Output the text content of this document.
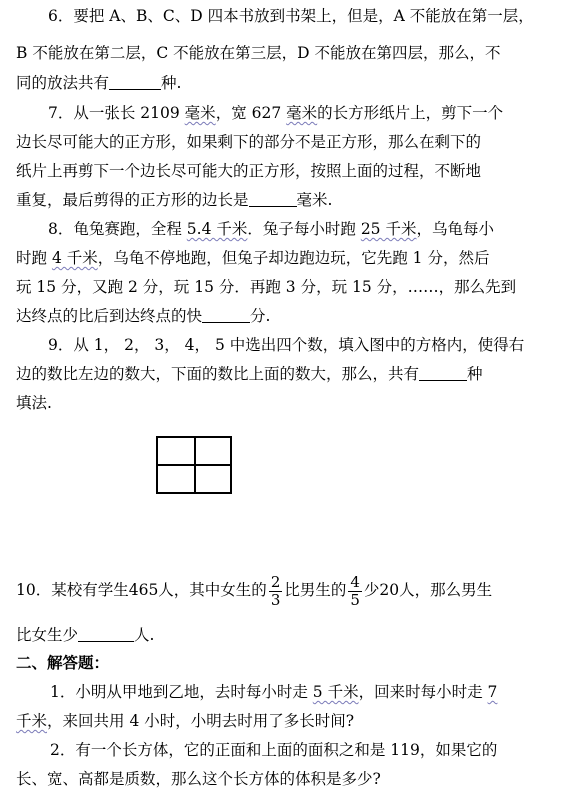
6．要把 A、B、C、D 四本书放到书架上，但是，A 不能放在第一层，
B 不能放在第二层，C 不能放在第三层，D 不能放在第四层，那么，不
同的放法共有	种.
7．从一张长 2109 毫米，宽 627 毫米的长方形纸片上，剪下一个
边长尽可能大的正方形，如果剩下的部分不是正方形，那么在剩下的
纸片上再剪下一个边长尽可能大的正方形，按照上面的过程，不断地
重复，最后剪得的正方形的边长是	毫米.
8．龟兔赛跑，全程 5.4 千米．兔子每小时跑 25 千米，乌龟每小
时跑 4 千米，乌龟不停地跑，但兔子却边跑边玩，它先跑 1 分，然后
玩 15 分，又跑 2 分，玩 15 分．再跑 3 分，玩 15 分，……，那么先到
达终点的比后到达终点的快	分.
9．从 1， 2， 3， 4， 5 中选出四个数，填入图中的方格内，使得右
边的数比左边的数大，下面的数比上面的数大，那么，共有	种
填法.
10．某校有学生465人，其中女生的 $\frac{2}{3}$ 比男生的 $\frac{4}{5}$ 少20人，那么男生
比女生少	人.
二、解答题：
1．小明从甲地到乙地，去时每小时走 5 千米，回来时每小时走 7
千米，来回共用 4 小时，小明去时用了多长时间?
2．有一个长方体，它的正面和上面的面积之和是 119，如果它的
长、宽、高都是质数，那么这个长方体的体积是多少?
